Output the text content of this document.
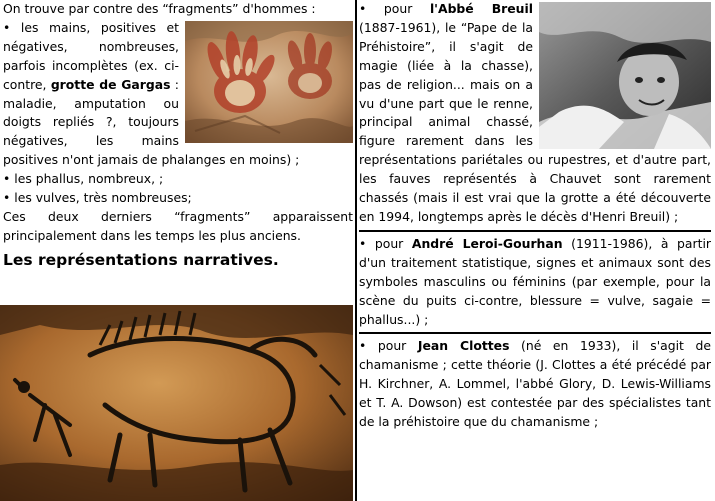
On trouve par contre des “fragments” d'hommes :
• les mains, positives et négatives, nombreuses, parfois incomplètes (ex. ci-contre, grotte de Gargas : maladie, amputation ou doigts repliés ?, toujours négatives, les mains positives n'ont jamais de phalanges en moins) ;
• les phallus, nombreux, ;
• les vulves, très nombreuses;
Ces deux derniers “fragments” apparaissent principalement dans les temps les plus anciens.
Les représentations narratives.
• pour l'Abbé Breuil (1887-1961), le “Pape de la Préhistoire”, il s'agit de magie (liée à la chasse), pas de religion... mais on a vu d'une part que le renne, principal animal chassé, figure rarement dans les représentations pariétales ou rupestres, et d'autre part, les fauves représentés à Chauvet sont rarement chassés (mais il est vrai que la grotte a été découverte en 1994, longtemps après le décès d'Henri Breuil) ;
• pour André Leroi-Gourhan (1911-1986), à partir d'un traitement statistique, signes et animaux sont des symboles masculins ou féminins (par exemple, pour la scène du puits ci-contre, blessure = vulve, sagaie = phallus...) ;
• pour Jean Clottes (né en 1933), il s'agit de chamanisme ; cette théorie (J. Clottes a été précédé par H. Kirchner, A. Lommel, l'abbé Glory, D. Lewis-Williams et T. A. Dowson) est contestée par des spécialistes tant de la préhistoire que du chamanisme ;
